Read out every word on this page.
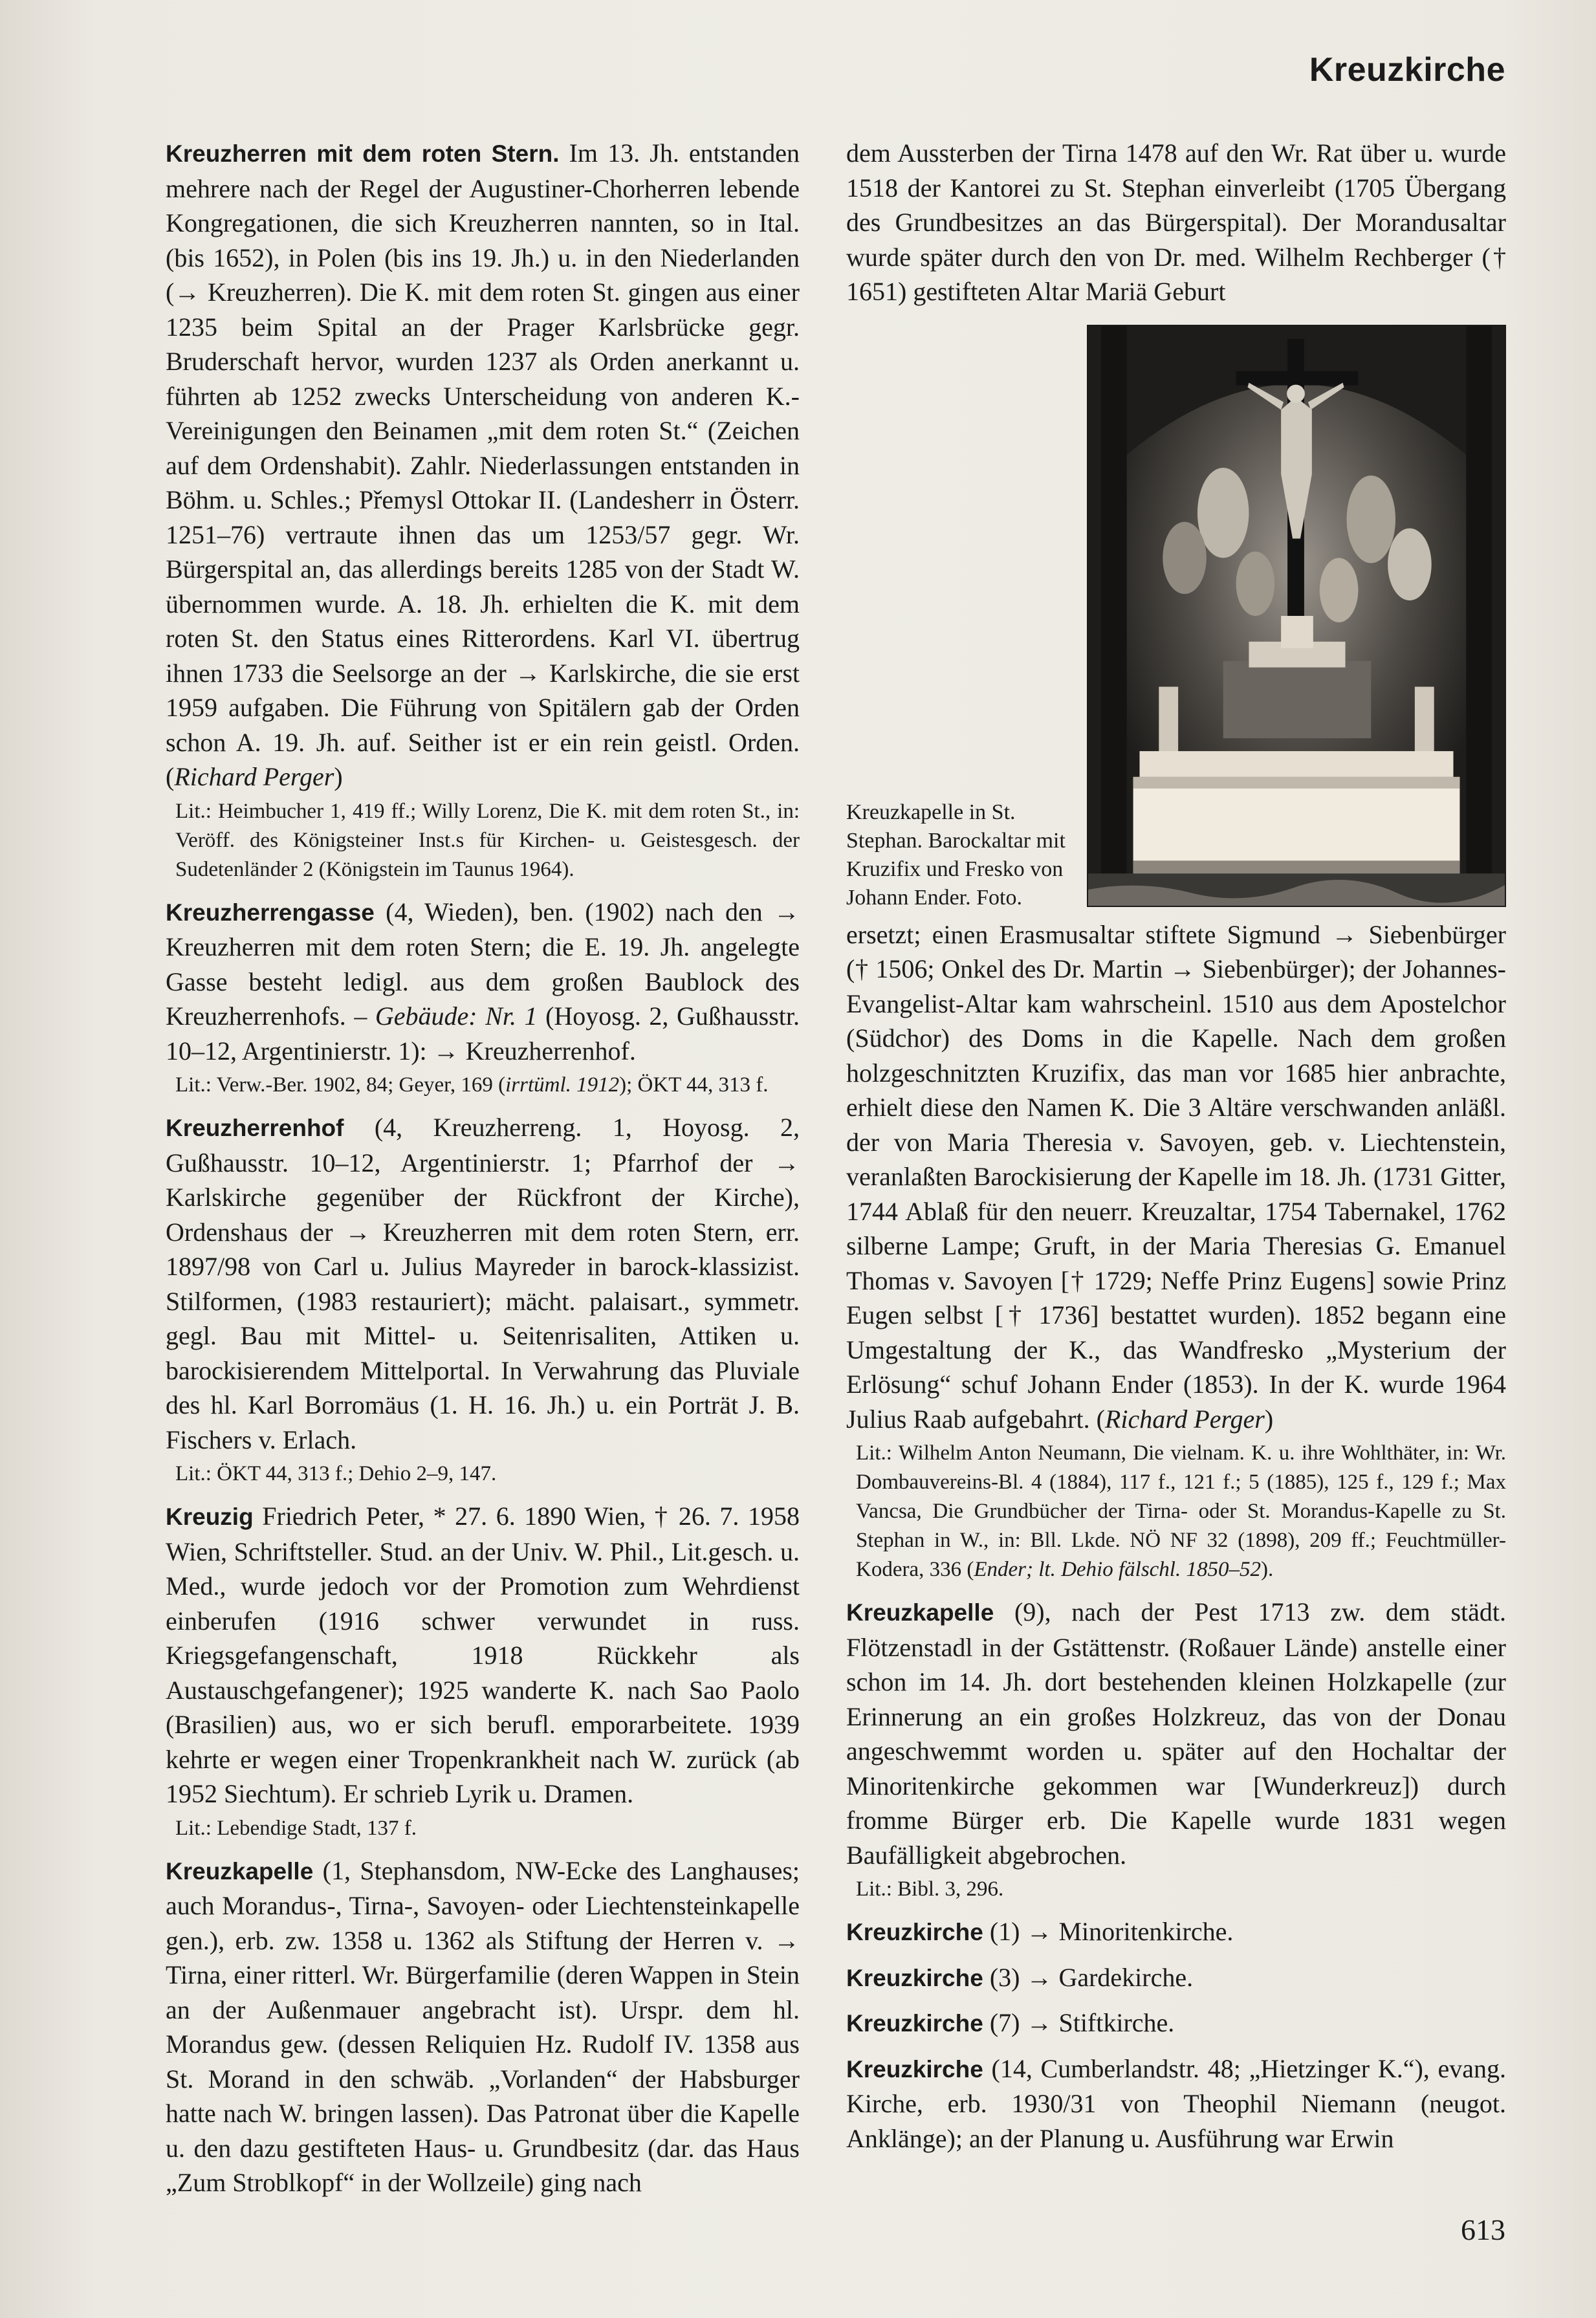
Kreuzkirche

Kreuzherren mit dem roten Stern. Im 13. Jh. entstanden mehrere nach der Regel der Augustiner-Chorherren lebende Kongregationen, die sich Kreuzherren nannten, so in Ital. (bis 1652), in Polen (bis ins 19. Jh.) u. in den Niederlanden (→ Kreuzherren). Die K. mit dem roten St. gingen aus einer 1235 beim Spital an der Prager Karlsbrücke gegr. Bruderschaft hervor, wurden 1237 als Orden anerkannt u. führten ab 1252 zwecks Unterscheidung von anderen K.-Vereinigungen den Beinamen „mit dem roten St.“ (Zeichen auf dem Ordenshabit). Zahlr. Niederlassungen entstanden in Böhm. u. Schles.; Přemysl Ottokar II. (Landesherr in Österr. 1251–76) vertraute ihnen das um 1253/57 gegr. Wr. Bürgerspital an, das allerdings bereits 1285 von der Stadt W. übernommen wurde. A. 18. Jh. erhielten die K. mit dem roten St. den Status eines Ritterordens. Karl VI. übertrug ihnen 1733 die Seelsorge an der → Karlskirche, die sie erst 1959 aufgaben. Die Führung von Spitälern gab der Orden schon A. 19. Jh. auf. Seither ist er ein rein geistl. Orden. (Richard Perger)

Lit.: Heimbucher 1, 419 ff.; Willy Lorenz, Die K. mit dem roten St., in: Veröff. des Königsteiner Inst.s für Kirchen- u. Geistesgesch. der Sudetenländer 2 (Königstein im Taunus 1964).

Kreuzherrengasse (4, Wieden), ben. (1902) nach den → Kreuzherren mit dem roten Stern; die E. 19. Jh. angelegte Gasse besteht ledigl. aus dem großen Baublock des Kreuzherrenhofs. – Gebäude: Nr. 1 (Hoyosg. 2, Gußhausstr. 10–12, Argentinierstr. 1): → Kreuzherrenhof.

Lit.: Verw.-Ber. 1902, 84; Geyer, 169 (irrtüml. 1912); ÖKT 44, 313 f.

Kreuzherrenhof (4, Kreuzherreng. 1, Hoyosg. 2, Gußhausstr. 10–12, Argentinierstr. 1; Pfarrhof der → Karlskirche gegenüber der Rückfront der Kirche), Ordenshaus der → Kreuzherren mit dem roten Stern, err. 1897/98 von Carl u. Julius Mayreder in barock-klassizist. Stilformen, (1983 restauriert); mächt. palaisart., symmetr. gegl. Bau mit Mittel- u. Seitenrisaliten, Attiken u. barockisierendem Mittelportal. In Verwahrung das Pluviale des hl. Karl Borromäus (1. H. 16. Jh.) u. ein Porträt J. B. Fischers v. Erlach.

Lit.: ÖKT 44, 313 f.; Dehio 2–9, 147.

Kreuzig Friedrich Peter, * 27. 6. 1890 Wien, † 26. 7. 1958 Wien, Schriftsteller. Stud. an der Univ. W. Phil., Lit.gesch. u. Med., wurde jedoch vor der Promotion zum Wehrdienst einberufen (1916 schwer verwundet in russ. Kriegsgefangenschaft, 1918 Rückkehr als Austauschgefangener); 1925 wanderte K. nach Sao Paolo (Brasilien) aus, wo er sich berufl. emporarbeitete. 1939 kehrte er wegen einer Tropenkrankheit nach W. zurück (ab 1952 Siechtum). Er schrieb Lyrik u. Dramen.

Lit.: Lebendige Stadt, 137 f.

Kreuzkapelle (1, Stephansdom, NW-Ecke des Langhauses; auch Morandus-, Tirna-, Savoyen- oder Liechtensteinkapelle gen.), erb. zw. 1358 u. 1362 als Stiftung der Herren v. → Tirna, einer ritterl. Wr. Bürgerfamilie (deren Wappen in Stein an der Außenmauer angebracht ist). Urspr. dem hl. Morandus gew. (dessen Reliquien Hz. Rudolf IV. 1358 aus St. Morand in den schwäb. „Vorlanden“ der Habsburger hatte nach W. bringen lassen). Das Patronat über die Kapelle u. den dazu gestifteten Haus- u. Grundbesitz (dar. das Haus „Zum Stroblkopf“ in der Wollzeile) ging nach

dem Aussterben der Tirna 1478 auf den Wr. Rat über u. wurde 1518 der Kantorei zu St. Stephan einverleibt (1705 Übergang des Grundbesitzes an das Bürgerspital). Der Morandusaltar wurde später durch den von Dr. med. Wilhelm Rechberger († 1651) gestifteten Altar Mariä Geburt

Kreuzkapelle in St. Stephan. Barockaltar mit Kruzifix und Fresko von Johann Ender. Foto.

ersetzt; einen Erasmusaltar stiftete Sigmund → Siebenbürger († 1506; Onkel des Dr. Martin → Siebenbürger); der Johannes-Evangelist-Altar kam wahrscheinl. 1510 aus dem Apostelchor (Südchor) des Doms in die Kapelle. Nach dem großen holzgeschnitzten Kruzifix, das man vor 1685 hier anbrachte, erhielt diese den Namen K. Die 3 Altäre verschwanden anläßl. der von Maria Theresia v. Savoyen, geb. v. Liechtenstein, veranlaßten Barockisierung der Kapelle im 18. Jh. (1731 Gitter, 1744 Ablaß für den neuerr. Kreuzaltar, 1754 Tabernakel, 1762 silberne Lampe; Gruft, in der Maria Theresias G. Emanuel Thomas v. Savoyen [† 1729; Neffe Prinz Eugens] sowie Prinz Eugen selbst [† 1736] bestattet wurden). 1852 begann eine Umgestaltung der K., das Wandfresko „Mysterium der Erlösung“ schuf Johann Ender (1853). In der K. wurde 1964 Julius Raab aufgebahrt. (Richard Perger)

Lit.: Wilhelm Anton Neumann, Die vielnam. K. u. ihre Wohlthäter, in: Wr. Dombauvereins-Bl. 4 (1884), 117 f., 121 f.; 5 (1885), 125 f., 129 f.; Max Vancsa, Die Grundbücher der Tirna- oder St. Morandus-Kapelle zu St. Stephan in W., in: Bll. Lkde. NÖ NF 32 (1898), 209 ff.; Feuchtmüller-Kodera, 336 (Ender; lt. Dehio fälschl. 1850–52).

Kreuzkapelle (9), nach der Pest 1713 zw. dem städt. Flötzenstadl in der Gstättenstr. (Roßauer Lände) anstelle einer schon im 14. Jh. dort bestehenden kleinen Holzkapelle (zur Erinnerung an ein großes Holzkreuz, das von der Donau angeschwemmt worden u. später auf den Hochaltar der Minoritenkirche gekommen war [Wunderkreuz]) durch fromme Bürger erb. Die Kapelle wurde 1831 wegen Baufälligkeit abgebrochen.

Lit.: Bibl. 3, 296.

Kreuzkirche (1) → Minoritenkirche.

Kreuzkirche (3) → Gardekirche.

Kreuzkirche (7) → Stiftkirche.

Kreuzkirche (14, Cumberlandstr. 48; „Hietzinger K.“), evang. Kirche, erb. 1930/31 von Theophil Niemann (neugot. Anklänge); an der Planung u. Ausführung war Erwin

613
